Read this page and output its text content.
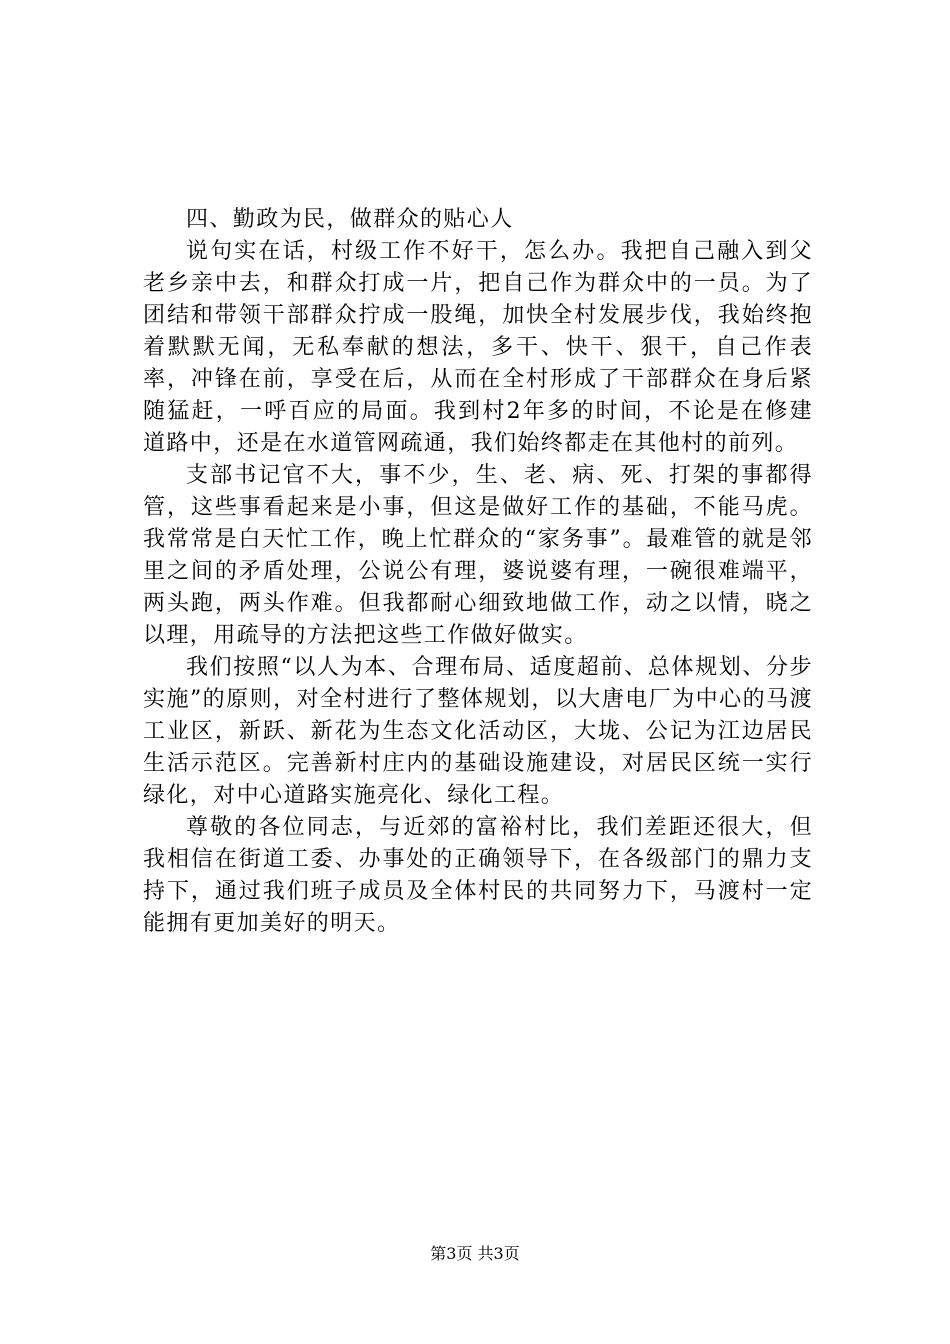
四、勤政为民，做群众的贴心人

说句实在话，村级工作不好干，怎么办。我把自己融入到父老乡亲中去，和群众打成一片，把自己作为群众中的一员。为了团结和带领干部群众拧成一股绳，加快全村发展步伐，我始终抱着默默无闻，无私奉献的想法，多干、快干、狠干，自己作表率，冲锋在前，享受在后，从而在全村形成了干部群众在身后紧随猛赶，一呼百应的局面。我到村2年多的时间，不论是在修建道路中，还是在水道管网疏通，我们始终都走在其他村的前列。

支部书记官不大，事不少，生、老、病、死、打架的事都得管，这些事看起来是小事，但这是做好工作的基础，不能马虎。我常常是白天忙工作，晚上忙群众的“家务事”。最难管的就是邻里之间的矛盾处理，公说公有理，婆说婆有理，一碗很难端平，两头跑，两头作难。但我都耐心细致地做工作，动之以情，晓之以理，用疏导的方法把这些工作做好做实。

我们按照“以人为本、合理布局、适度超前、总体规划、分步实施”的原则，对全村进行了整体规划，以大唐电厂为中心的马渡工业区，新跃、新花为生态文化活动区，大垅、公记为江边居民生活示范区。完善新村庄内的基础设施建设，对居民区统一实行绿化，对中心道路实施亮化、绿化工程。

尊敬的各位同志，与近郊的富裕村比，我们差距还很大，但我相信在街道工委、办事处的正确领导下，在各级部门的鼎力支持下，通过我们班子成员及全体村民的共同努力下，马渡村一定能拥有更加美好的明天。

第3页 共3页
